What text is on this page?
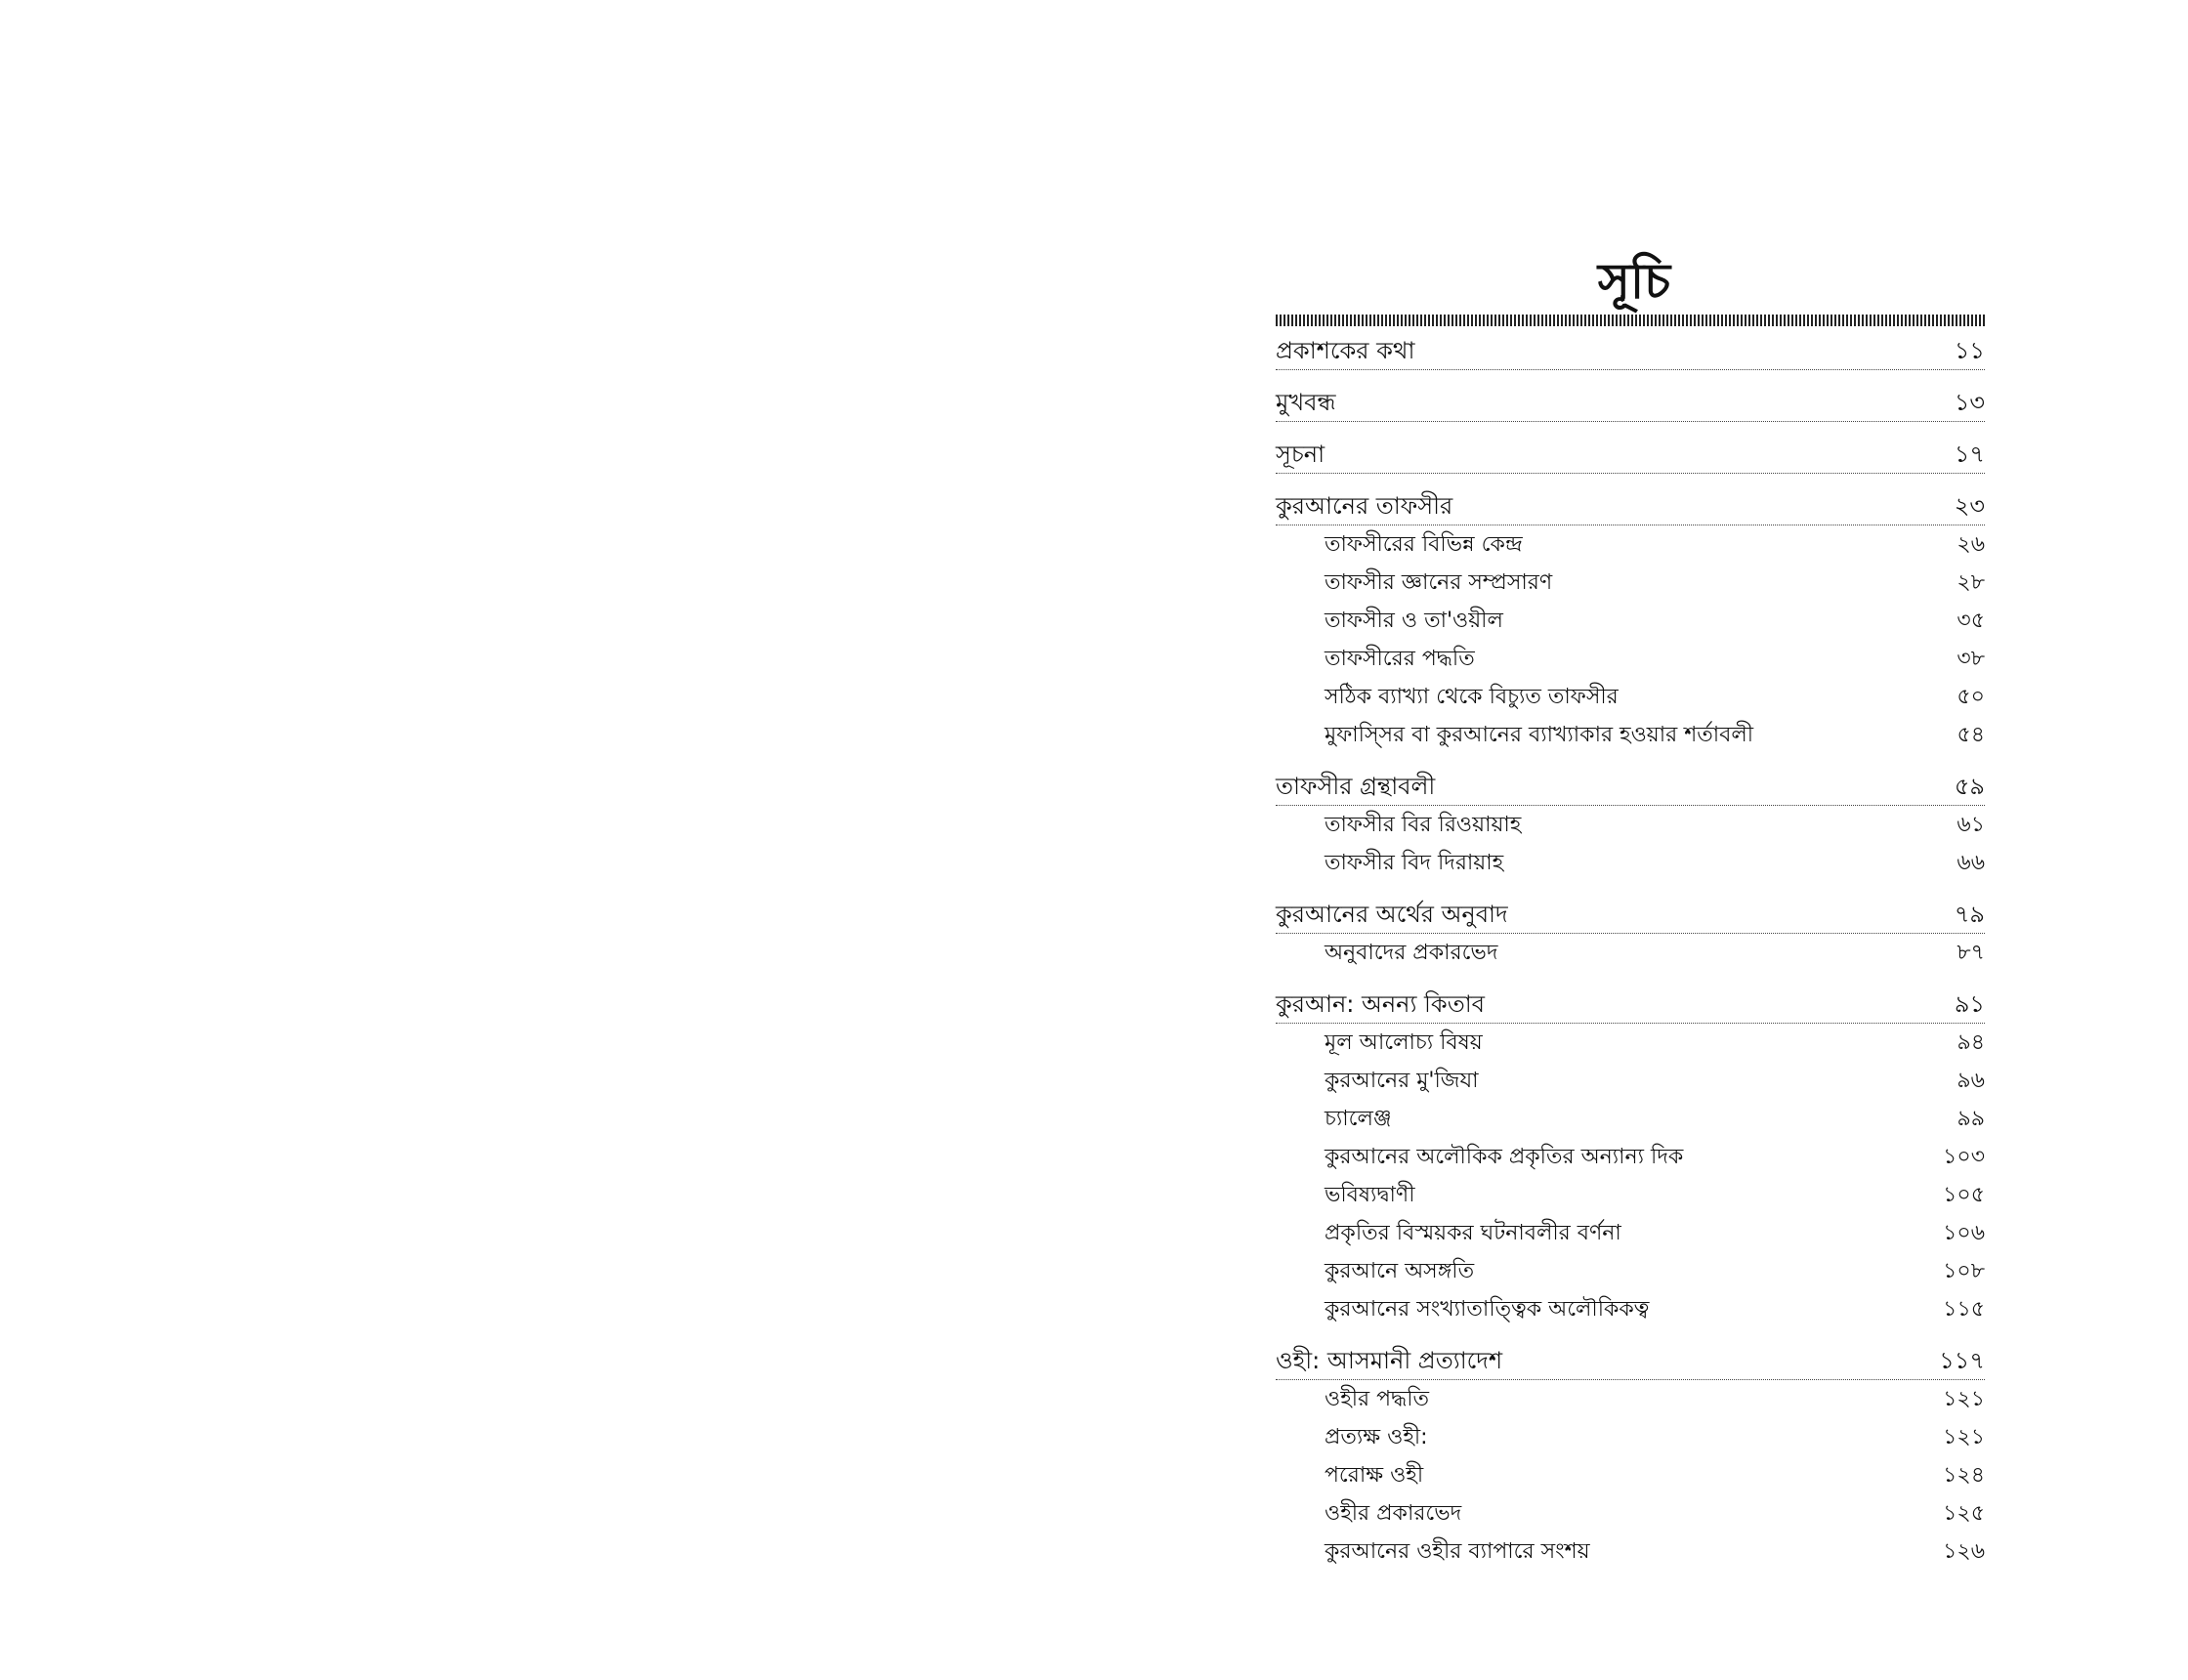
সূচি
প্রকাশকের কথা	১১
মুখবন্ধ	১৩
সূচনা	১৭
কুরআনের তাফসীর	২৩
তাফসীরের বিভিন্ন কেন্দ্র	২৬
তাফসীর জ্ঞানের সম্প্রসারণ	২৮
তাফসীর ও তা'ওয়ীল	৩৫
তাফসীরের পদ্ধতি	৩৮
সঠিক ব্যাখ্যা থেকে বিচ্যুত তাফসীর	৫০
মুফাস্সির বা কুরআনের ব্যাখ্যাকার হওয়ার শর্তাবলী	৫৪
তাফসীর গ্রন্থাবলী	৫৯
তাফসীর বির রিওয়ায়াহ	৬১
তাফসীর বিদ দিরায়াহ	৬৬
কুরআনের অর্থের অনুবাদ	৭৯
অনুবাদের প্রকারভেদ	৮৭
কুরআন: অনন্য কিতাব	৯১
মূল আলোচ্য বিষয়	৯৪
কুরআনের মু'জিযা	৯৬
চ্যালেঞ্জ	৯৯
কুরআনের অলৌকিক প্রকৃতির অন্যান্য দিক	১০৩
ভবিষ্যদ্বাণী	১০৫
প্রকৃতির বিস্ময়কর ঘটনাবলীর বর্ণনা	১০৬
কুরআনে অসঙ্গতি	১০৮
কুরআনের সংখ্যাতাত্ত্বিক অলৌকিকত্ব	১১৫
ওহী: আসমানী প্রত্যাদেশ	১১৭
ওহীর পদ্ধতি	১২১
প্রত্যক্ষ ওহী:	১২১
পরোক্ষ ওহী	১২৪
ওহীর প্রকারভেদ	১২৫
কুরআনের ওহীর ব্যাপারে সংশয়	১২৬
